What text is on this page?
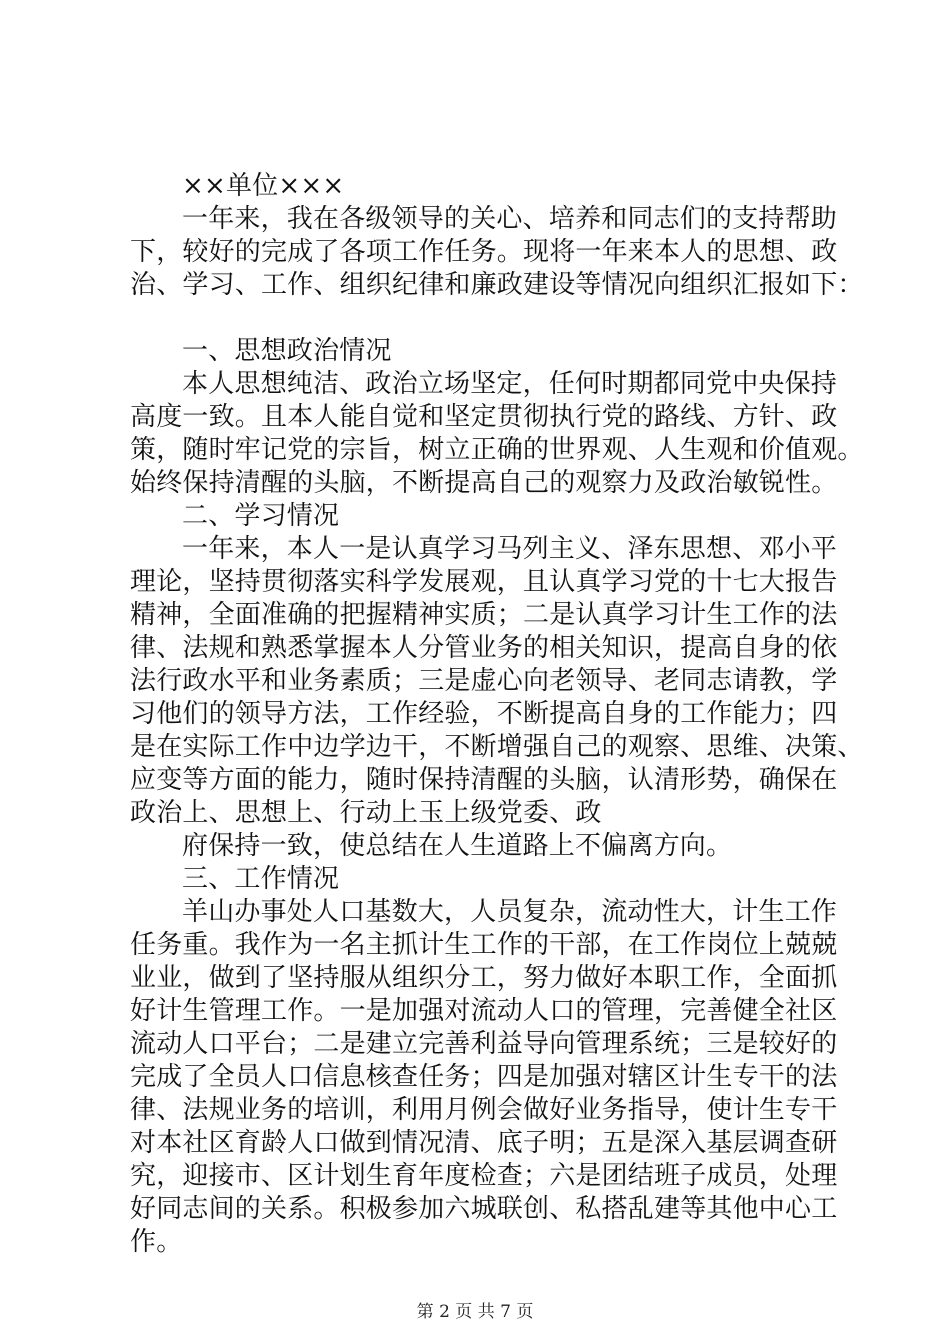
××单位×××
一年来，我在各级领导的关心、培养和同志们的支持帮助
下，较好的完成了各项工作任务。现将一年来本人的思想、政
治、学习、工作、组织纪律和廉政建设等情况向组织汇报如下：
一、思想政治情况
本人思想纯洁、政治立场坚定，任何时期都同党中央保持
高度一致。且本人能自觉和坚定贯彻执行党的路线、方针、政
策，随时牢记党的宗旨，树立正确的世界观、人生观和价值观。
始终保持清醒的头脑，不断提高自己的观察力及政治敏锐性。
二、学习情况
一年来，本人一是认真学习马列主义、泽东思想、邓小平
理论，坚持贯彻落实科学发展观，且认真学习党的十七大报告
精神，全面准确的把握精神实质；二是认真学习计生工作的法
律、法规和熟悉掌握本人分管业务的相关知识，提高自身的依
法行政水平和业务素质；三是虚心向老领导、老同志请教，学
习他们的领导方法，工作经验，不断提高自身的工作能力；四
是在实际工作中边学边干，不断增强自己的观察、思维、决策、
应变等方面的能力，随时保持清醒的头脑，认清形势，确保在
政治上、思想上、行动上玉上级党委、政
府保持一致，使总结在人生道路上不偏离方向。
三、工作情况
羊山办事处人口基数大，人员复杂，流动性大，计生工作
任务重。我作为一名主抓计生工作的干部，在工作岗位上兢兢
业业，做到了坚持服从组织分工，努力做好本职工作，全面抓
好计生管理工作。一是加强对流动人口的管理，完善健全社区
流动人口平台；二是建立完善利益导向管理系统；三是较好的
完成了全员人口信息核查任务；四是加强对辖区计生专干的法
律、法规业务的培训，利用月例会做好业务指导，使计生专干
对本社区育龄人口做到情况清、底子明；五是深入基层调查研
究，迎接市、区计划生育年度检查；六是团结班子成员，处理
好同志间的关系。积极参加六城联创、私搭乱建等其他中心工
作。
第 2 页 共 7 页
